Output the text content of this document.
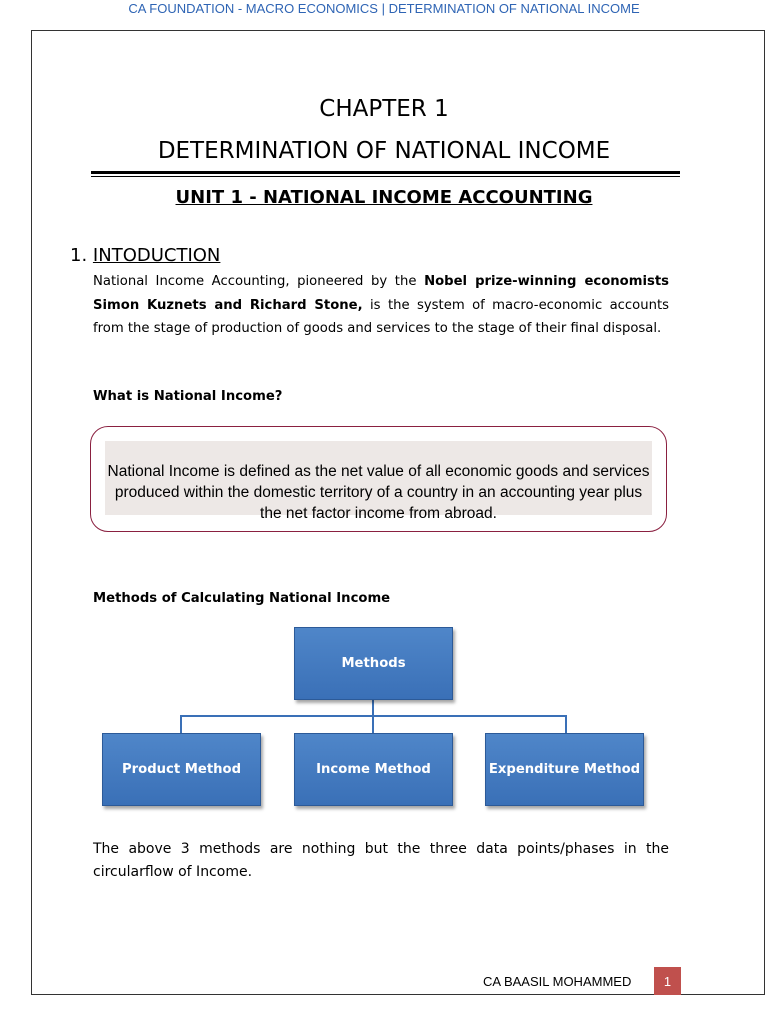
CA FOUNDATION - MACRO ECONOMICS | DETERMINATION OF NATIONAL INCOME
CHAPTER 1
DETERMINATION OF NATIONAL INCOME
UNIT 1 - NATIONAL INCOME ACCOUNTING
1. INTODUCTION
National Income Accounting, pioneered by the Nobel prize-winning economists Simon Kuznets and Richard Stone, is the system of macro-economic accounts from the stage of production of goods and services to the stage of their final disposal.
What is National Income?
National Income is defined as the net value of all economic goods and services produced within the domestic territory of a country in an accounting year plus the net factor income from abroad.
Methods of Calculating National Income
Methods
Product Method	Income Method	Expenditure Method
The above 3 methods are nothing but the three data points/phases in the circularflow of Income.
CA BAASIL MOHAMMED	1
